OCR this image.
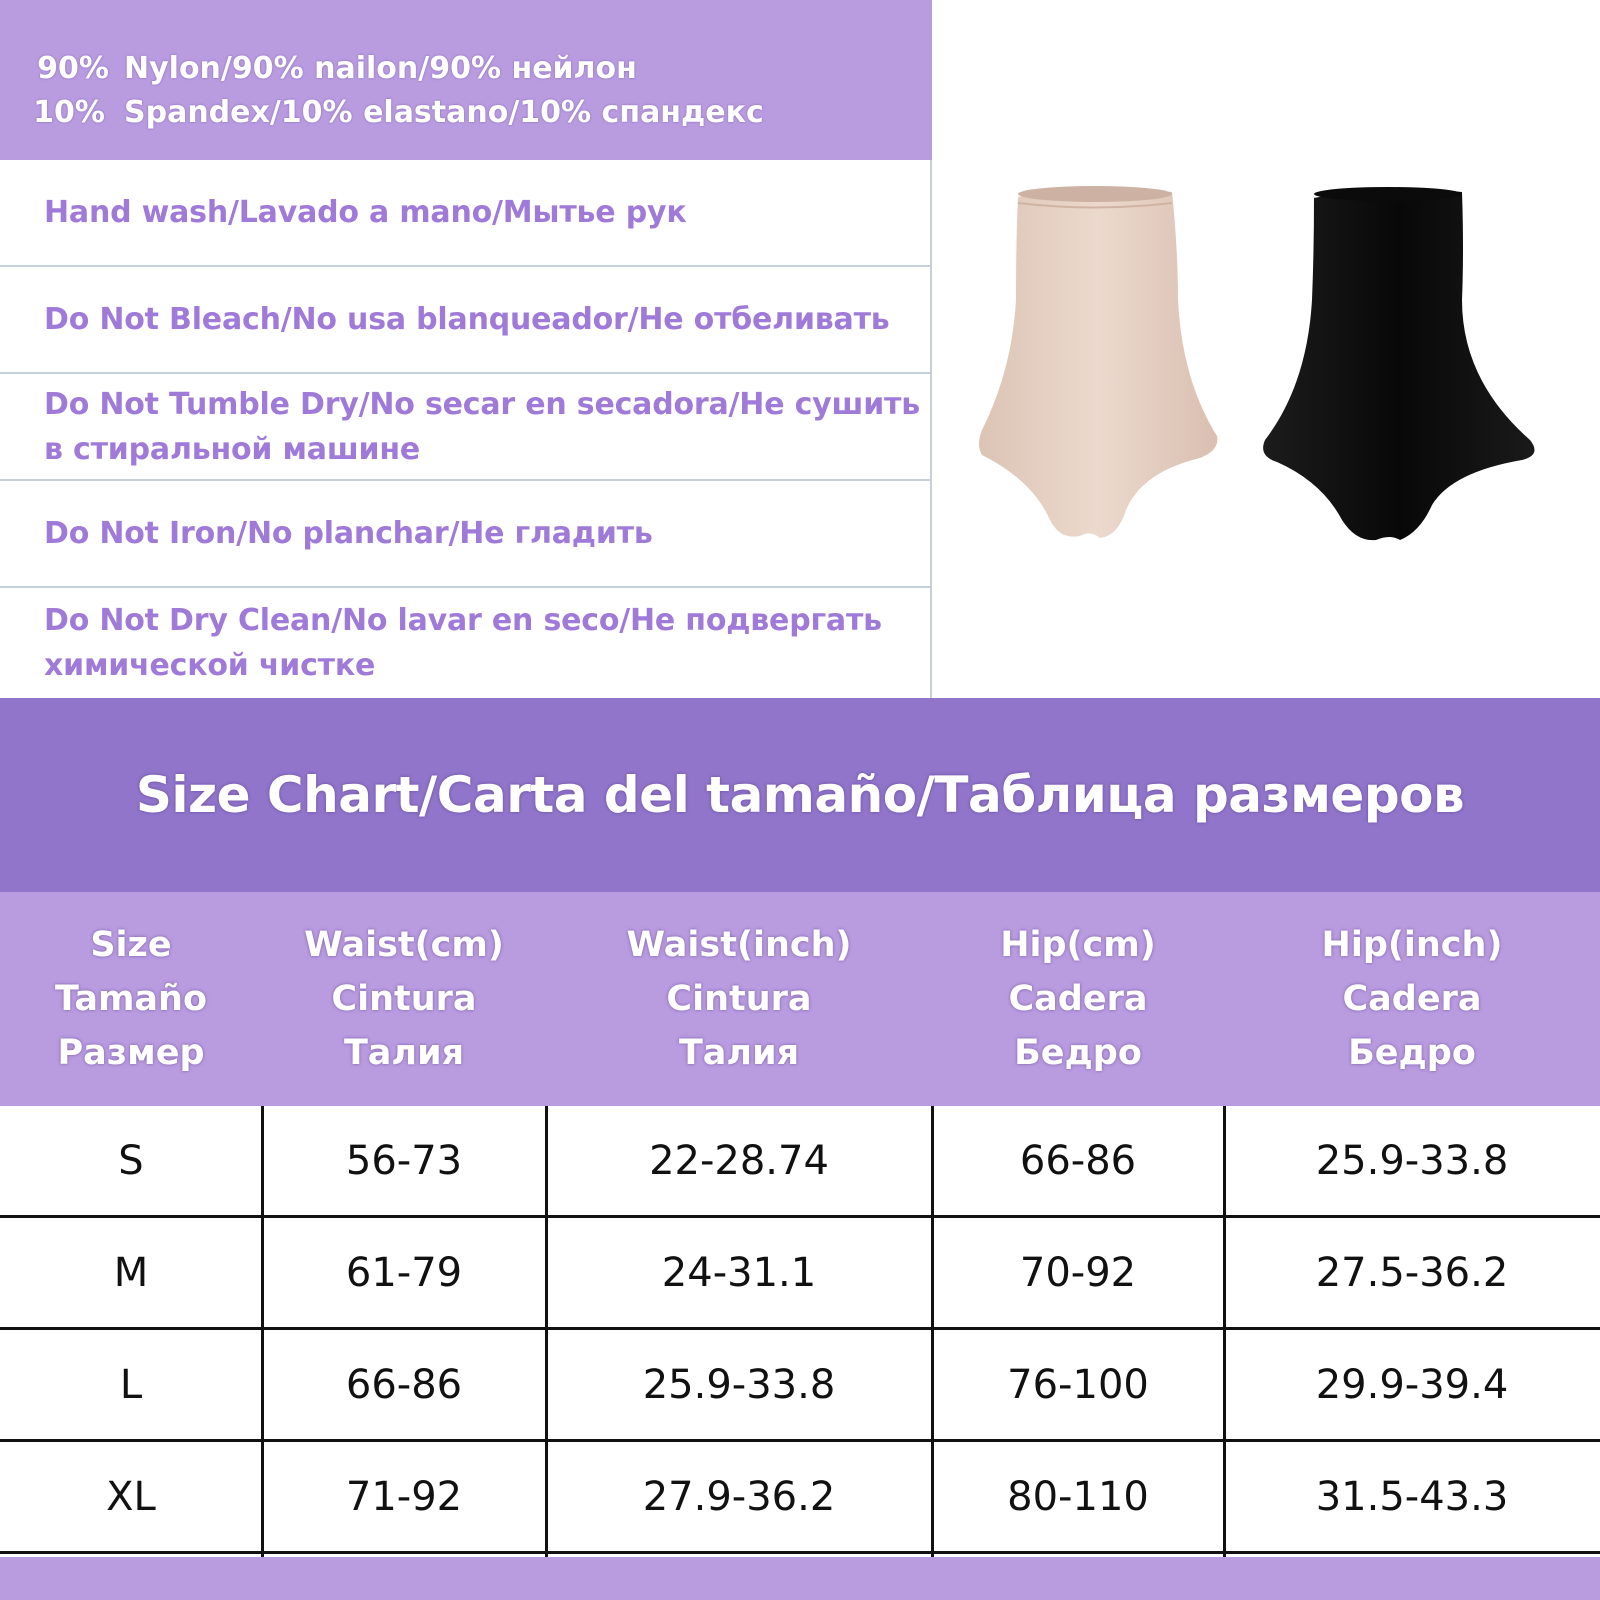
90% Nylon/90% nailon/90% нейлон
10% Spandex/10% elastano/10% спандекс
Hand wash/Lavado a mano/Мытье рук
Do Not Bleach/No usa blanqueador/Не отбеливать
Do Not Tumble Dry/No secar en secadora/Не сушить в стиральной машине
Do Not Iron/No planchar/Не гладить
Do Not Dry Clean/No lavar en seco/Не подвергать химической чистке
Size Chart/Carta del tamaño/Таблица размеров
Size
Tamaño
Размер
Waist(cm)
Cintura
Талия
Waist(inch)
Cintura
Талия
Hip(cm)
Cadera
Бедро
Hip(inch)
Cadera
Бедро
S	56-73	22-28.74	66-86	25.9-33.8
M	61-79	24-31.1	70-92	27.5-36.2
L	66-86	25.9-33.8	76-100	29.9-39.4
XL	71-92	27.9-36.2	80-110	31.5-43.3
